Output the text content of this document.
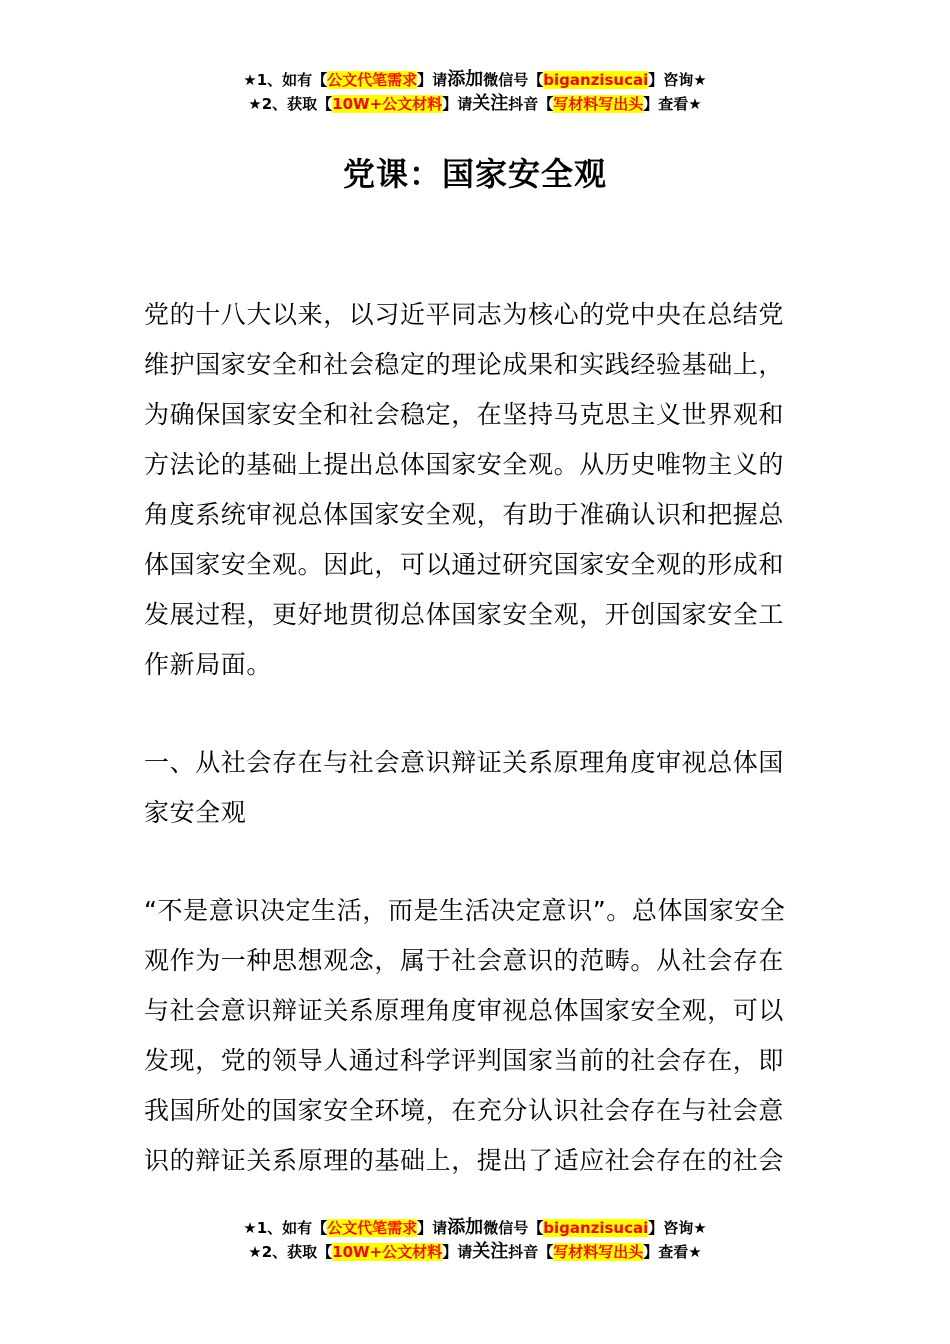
★1、如有【公文代笔需求】请添加微信号【biganzisucai】咨询★
★2、获取【10W+公文材料】请关注抖音【写材料写出头】查看★
党课：国家安全观
党的十八大以来，以习近平同志为核心的党中央在总结党维护国家安全和社会稳定的理论成果和实践经验基础上，为确保国家安全和社会稳定，在坚持马克思主义世界观和方法论的基础上提出总体国家安全观。从历史唯物主义的角度系统审视总体国家安全观，有助于准确认识和把握总体国家安全观。因此，可以通过研究国家安全观的形成和发展过程，更好地贯彻总体国家安全观，开创国家安全工作新局面。
一、从社会存在与社会意识辩证关系原理角度审视总体国家安全观
“不是意识决定生活，而是生活决定意识”。总体国家安全观作为一种思想观念，属于社会意识的范畴。从社会存在与社会意识辩证关系原理角度审视总体国家安全观，可以发现，党的领导人通过科学评判国家当前的社会存在，即我国所处的国家安全环境，在充分认识社会存在与社会意识的辩证关系原理的基础上，提出了适应社会存在的社会
★1、如有【公文代笔需求】请添加微信号【biganzisucai】咨询★
★2、获取【10W+公文材料】请关注抖音【写材料写出头】查看★
